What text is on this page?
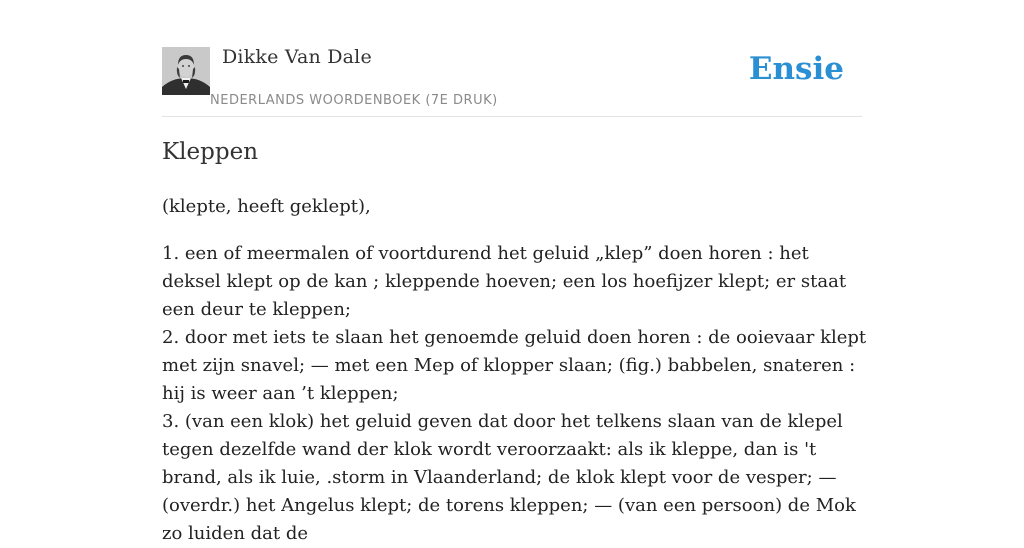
Dikke Van Dale
NEDERLANDS WOORDENBOEK (7E DRUK)
Ensie
Kleppen

(klepte, heeft geklept),

1. een of meermalen of voortdurend het geluid „klep” doen horen : het deksel klept op de kan ; kleppende hoeven; een los hoefijzer klept; er staat een deur te kleppen;
2. door met iets te slaan het genoemde geluid doen horen : de ooievaar klept met zijn snavel; — met een Mep of klopper slaan; (fig.) babbelen, snateren : hij is weer aan ’t kleppen;
3. (van een klok) het geluid geven dat door het telkens slaan van de klepel tegen dezelfde wand der klok wordt veroorzaakt: als ik kleppe, dan is 't brand, als ik luie, .storm in Vlaanderland; de klok klept voor de vesper; — (overdr.) het Angelus klept; de torens kleppen; — (van een persoon) de Mok zo luiden dat de
